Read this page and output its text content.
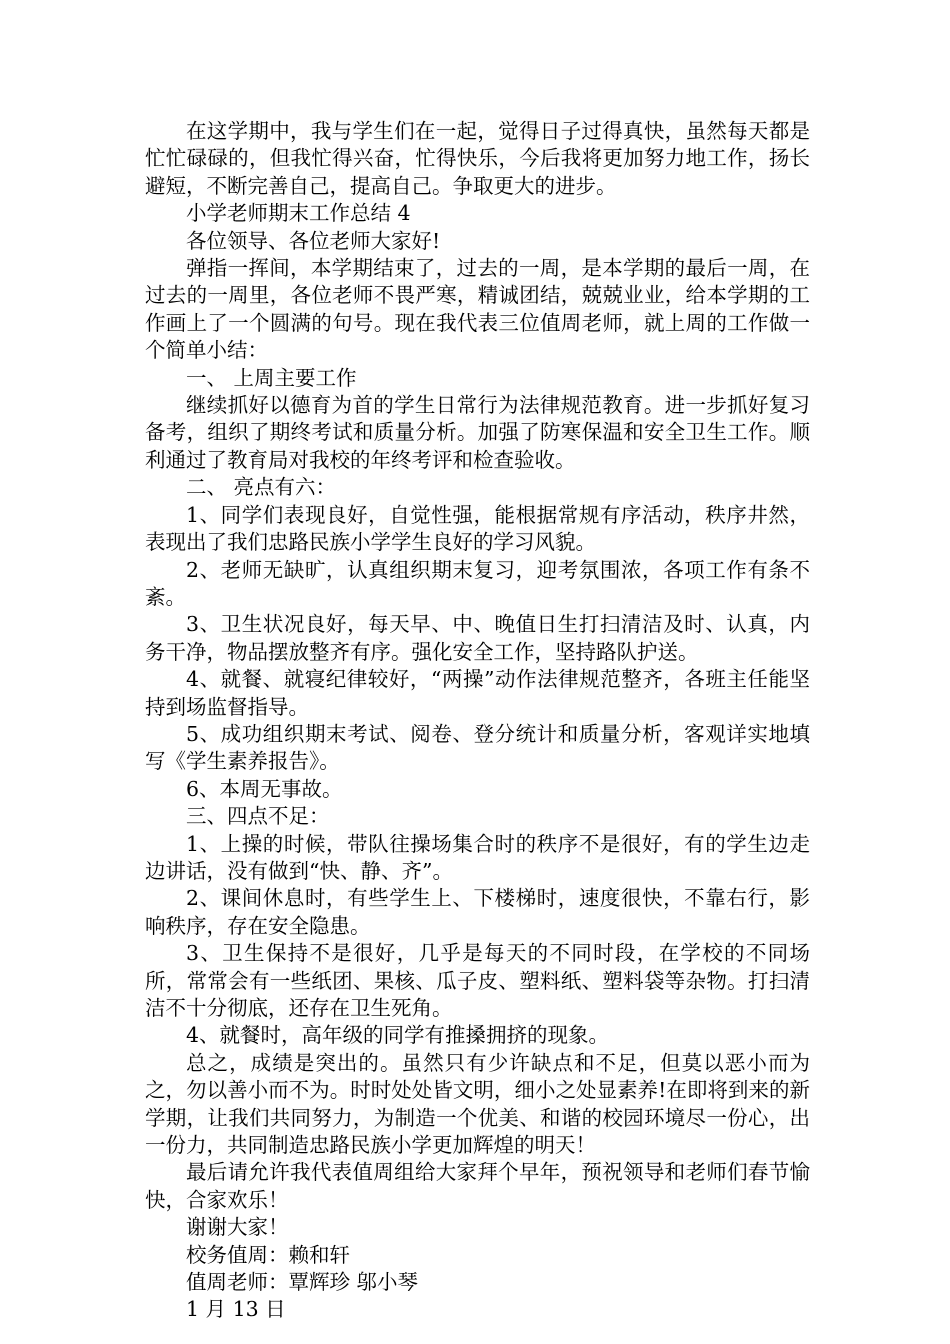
在这学期中，我与学生们在一起，觉得日子过得真快，虽然每天都是忙忙碌碌的，但我忙得兴奋，忙得快乐，今后我将更加努力地工作，扬长避短，不断完善自己，提高自己。争取更大的进步。

小学老师期末工作总结 4

各位领导、各位老师大家好!

弹指一挥间，本学期结束了，过去的一周，是本学期的最后一周，在过去的一周里，各位老师不畏严寒，精诚团结，兢兢业业，给本学期的工作画上了一个圆满的句号。现在我代表三位值周老师，就上周的工作做一个简单小结：

一、 上周主要工作

继续抓好以德育为首的学生日常行为法律规范教育。进一步抓好复习备考，组织了期终考试和质量分析。加强了防寒保温和安全卫生工作。顺利通过了教育局对我校的年终考评和检查验收。

二、 亮点有六：

1、同学们表现良好，自觉性强，能根据常规有序活动，秩序井然，表现出了我们忠路民族小学学生良好的学习风貌。

2、老师无缺旷，认真组织期末复习，迎考氛围浓，各项工作有条不紊。

3、卫生状况良好，每天早、中、晚值日生打扫清洁及时、认真，内务干净，物品摆放整齐有序。强化安全工作，坚持路队护送。

4、就餐、就寝纪律较好，“两操”动作法律规范整齐，各班主任能坚持到场监督指导。

5、成功组织期末考试、阅卷、登分统计和质量分析，客观详实地填写《学生素养报告》。

6、本周无事故。

三、四点不足：

1、上操的时候，带队往操场集合时的秩序不是很好，有的学生边走边讲话，没有做到“快、静、齐”。

2、课间休息时，有些学生上、下楼梯时，速度很快，不靠右行，影响秩序，存在安全隐患。

3、卫生保持不是很好，几乎是每天的不同时段，在学校的不同场所，常常会有一些纸团、果核、瓜子皮、塑料纸、塑料袋等杂物。打扫清洁不十分彻底，还存在卫生死角。

4、就餐时，高年级的同学有推搡拥挤的现象。

总之，成绩是突出的。虽然只有少许缺点和不足，但莫以恶小而为之，勿以善小而不为。时时处处皆文明，细小之处显素养!在即将到来的新学期，让我们共同努力，为制造一个优美、和谐的校园环境尽一份心，出一份力，共同制造忠路民族小学更加辉煌的明天！

最后请允许我代表值周组给大家拜个早年，预祝领导和老师们春节愉快，合家欢乐！

谢谢大家！

校务值周：赖和轩

值周老师：覃辉珍 邬小琴

1 月 13 日
